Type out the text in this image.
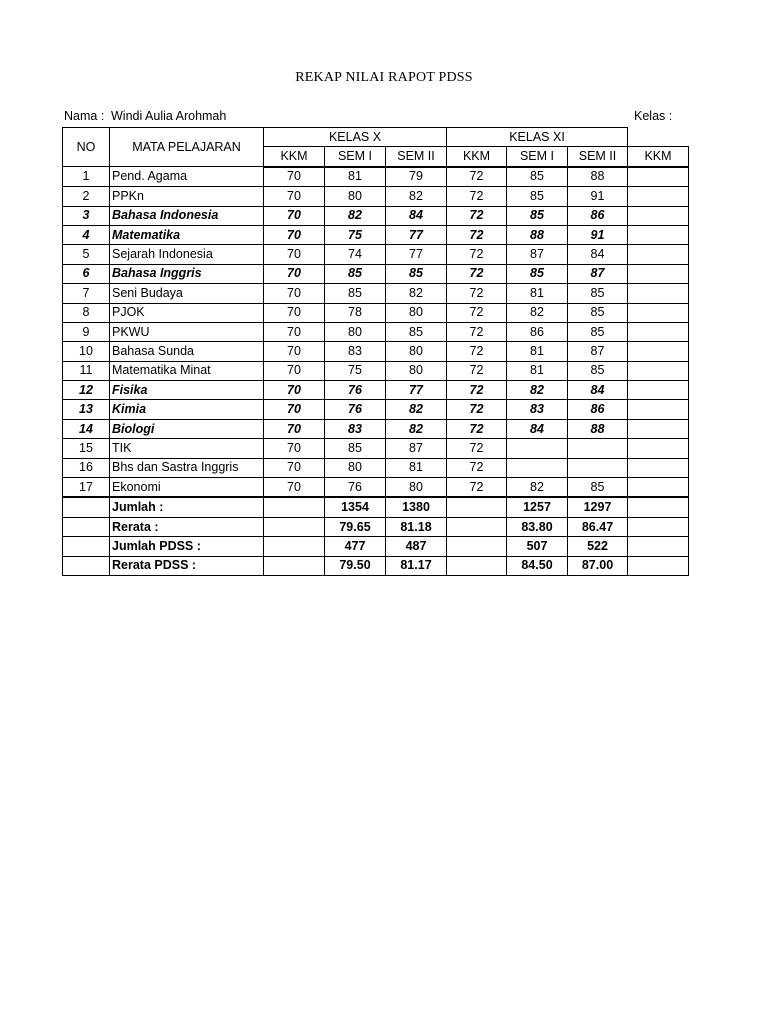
REKAP NILAI RAPOT PDSS
Nama : Windi Aulia Arohmah	Kelas :
NO	MATA PELAJARAN	KELAS X			KELAS XI			
		KKM	SEM I	SEM II	KKM	SEM I	SEM II	KKM
1	Pend. Agama	70	81	79	72	85	88	
2	PPKn	70	80	82	72	85	91	
3	Bahasa Indonesia	70	82	84	72	85	86	
4	Matematika	70	75	77	72	88	91	
5	Sejarah Indonesia	70	74	77	72	87	84	
6	Bahasa Inggris	70	85	85	72	85	87	
7	Seni Budaya	70	85	82	72	81	85	
8	PJOK	70	78	80	72	82	85	
9	PKWU	70	80	85	72	86	85	
10	Bahasa Sunda	70	83	80	72	81	87	
11	Matematika Minat	70	75	80	72	81	85	
12	Fisika	70	76	77	72	82	84	
13	Kimia	70	76	82	72	83	86	
14	Biologi	70	83	82	72	84	88	
15	TIK	70	85	87	72			
16	Bhs dan Sastra Inggris	70	80	81	72			
17	Ekonomi	70	76	80	72	82	85	
	Jumlah :		1354	1380		1257	1297	
	Rerata :		79.65	81.18		83.80	86.47	
	Jumlah PDSS :		477	487		507	522	
	Rerata PDSS :		79.50	81.17		84.50	87.00	
